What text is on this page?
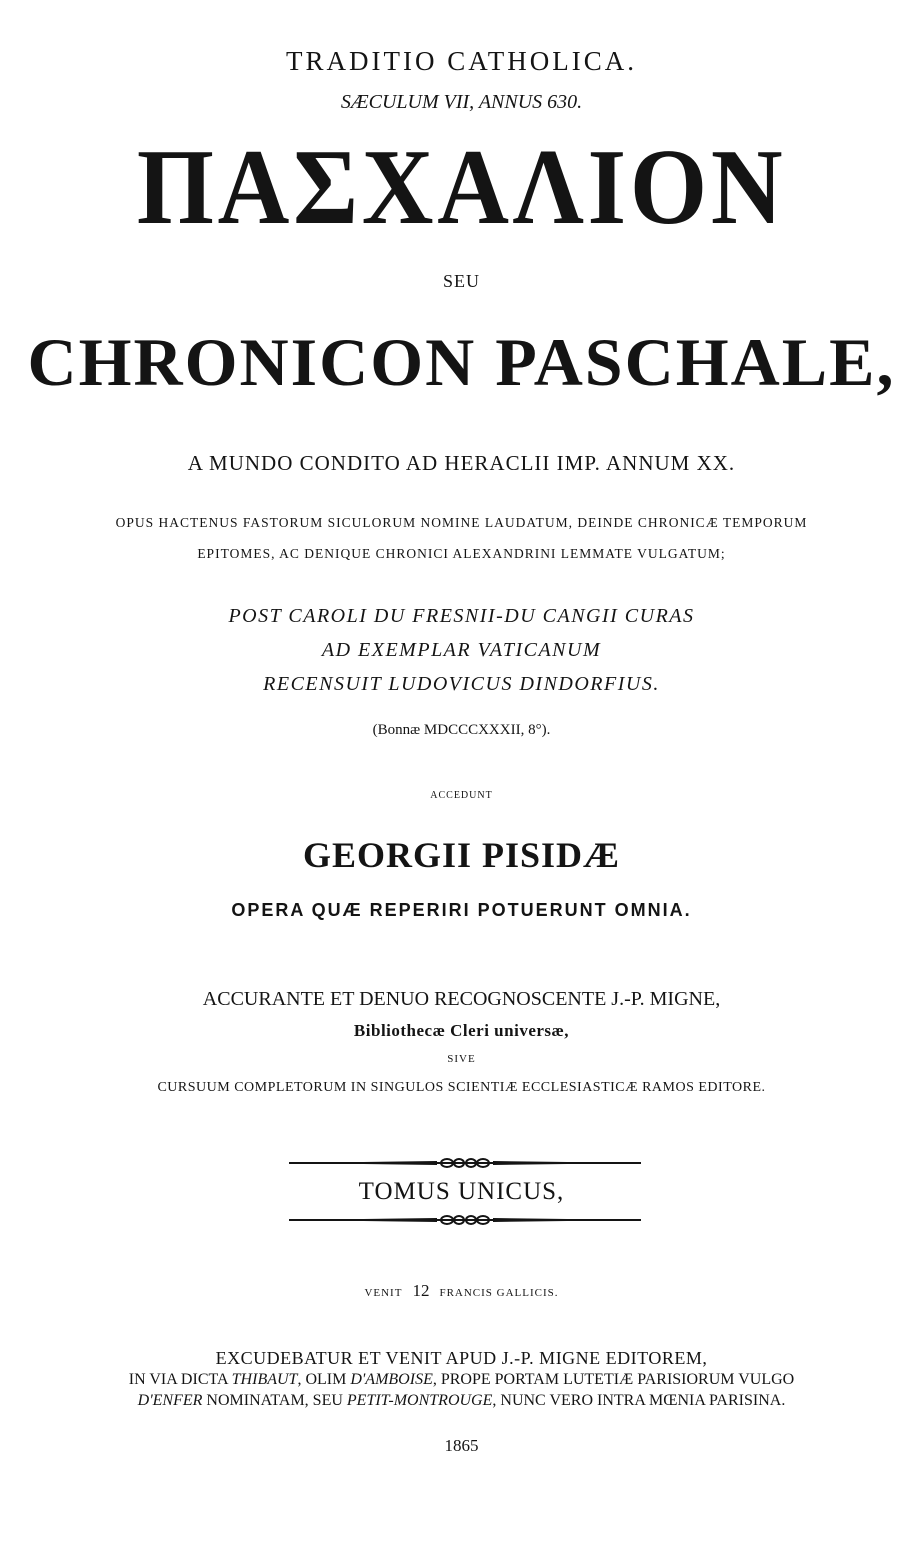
TRADITIO CATHOLICA.
SÆCULUM VII, ANNUS 630.
ΠΑΣΧΑΛΙΟΝ
SEU
CHRONICON PASCHALE,
A MUNDO CONDITO AD HERACLII IMP. ANNUM XX.
OPUS HACTENUS FASTORUM SICULORUM NOMINE LAUDATUM, DEINDE CHRONICÆ TEMPORUM
EPITOMES, AC DENIQUE CHRONICI ALEXANDRINI LEMMATE VULGATUM;
POST CAROLI DU FRESNII-DU CANGII CURAS
AD EXEMPLAR VATICANUM
RECENSUIT LUDOVICUS DINDORFIUS.
(Bonnæ MDCCCXXXII, 8°).
ACCEDUNT
GEORGII PISIDÆ
OPERA QUÆ REPERIRI POTUERUNT OMNIA.
ACCURANTE ET DENUO RECOGNOSCENTE J.-P. MIGNE,
Bibliothecæ Cleri universæ,
SIVE
CURSUUM COMPLETORUM IN SINGULOS SCIENTIÆ ECCLESIASTICÆ RAMOS EDITORE.
TOMUS UNICUS,
VENIT 12 FRANCIS GALLICIS.
EXCUDEBATUR ET VENIT APUD J.-P. MIGNE EDITOREM,
IN VIA DICTA THIBAUT, OLIM D'AMBOISE, PROPE PORTAM LUTETIÆ PARISIORUM VULGO
D'ENFER NOMINATAM, SEU PETIT-MONTROUGE, NUNC VERO INTRA MŒNIA PARISINA.
1865
